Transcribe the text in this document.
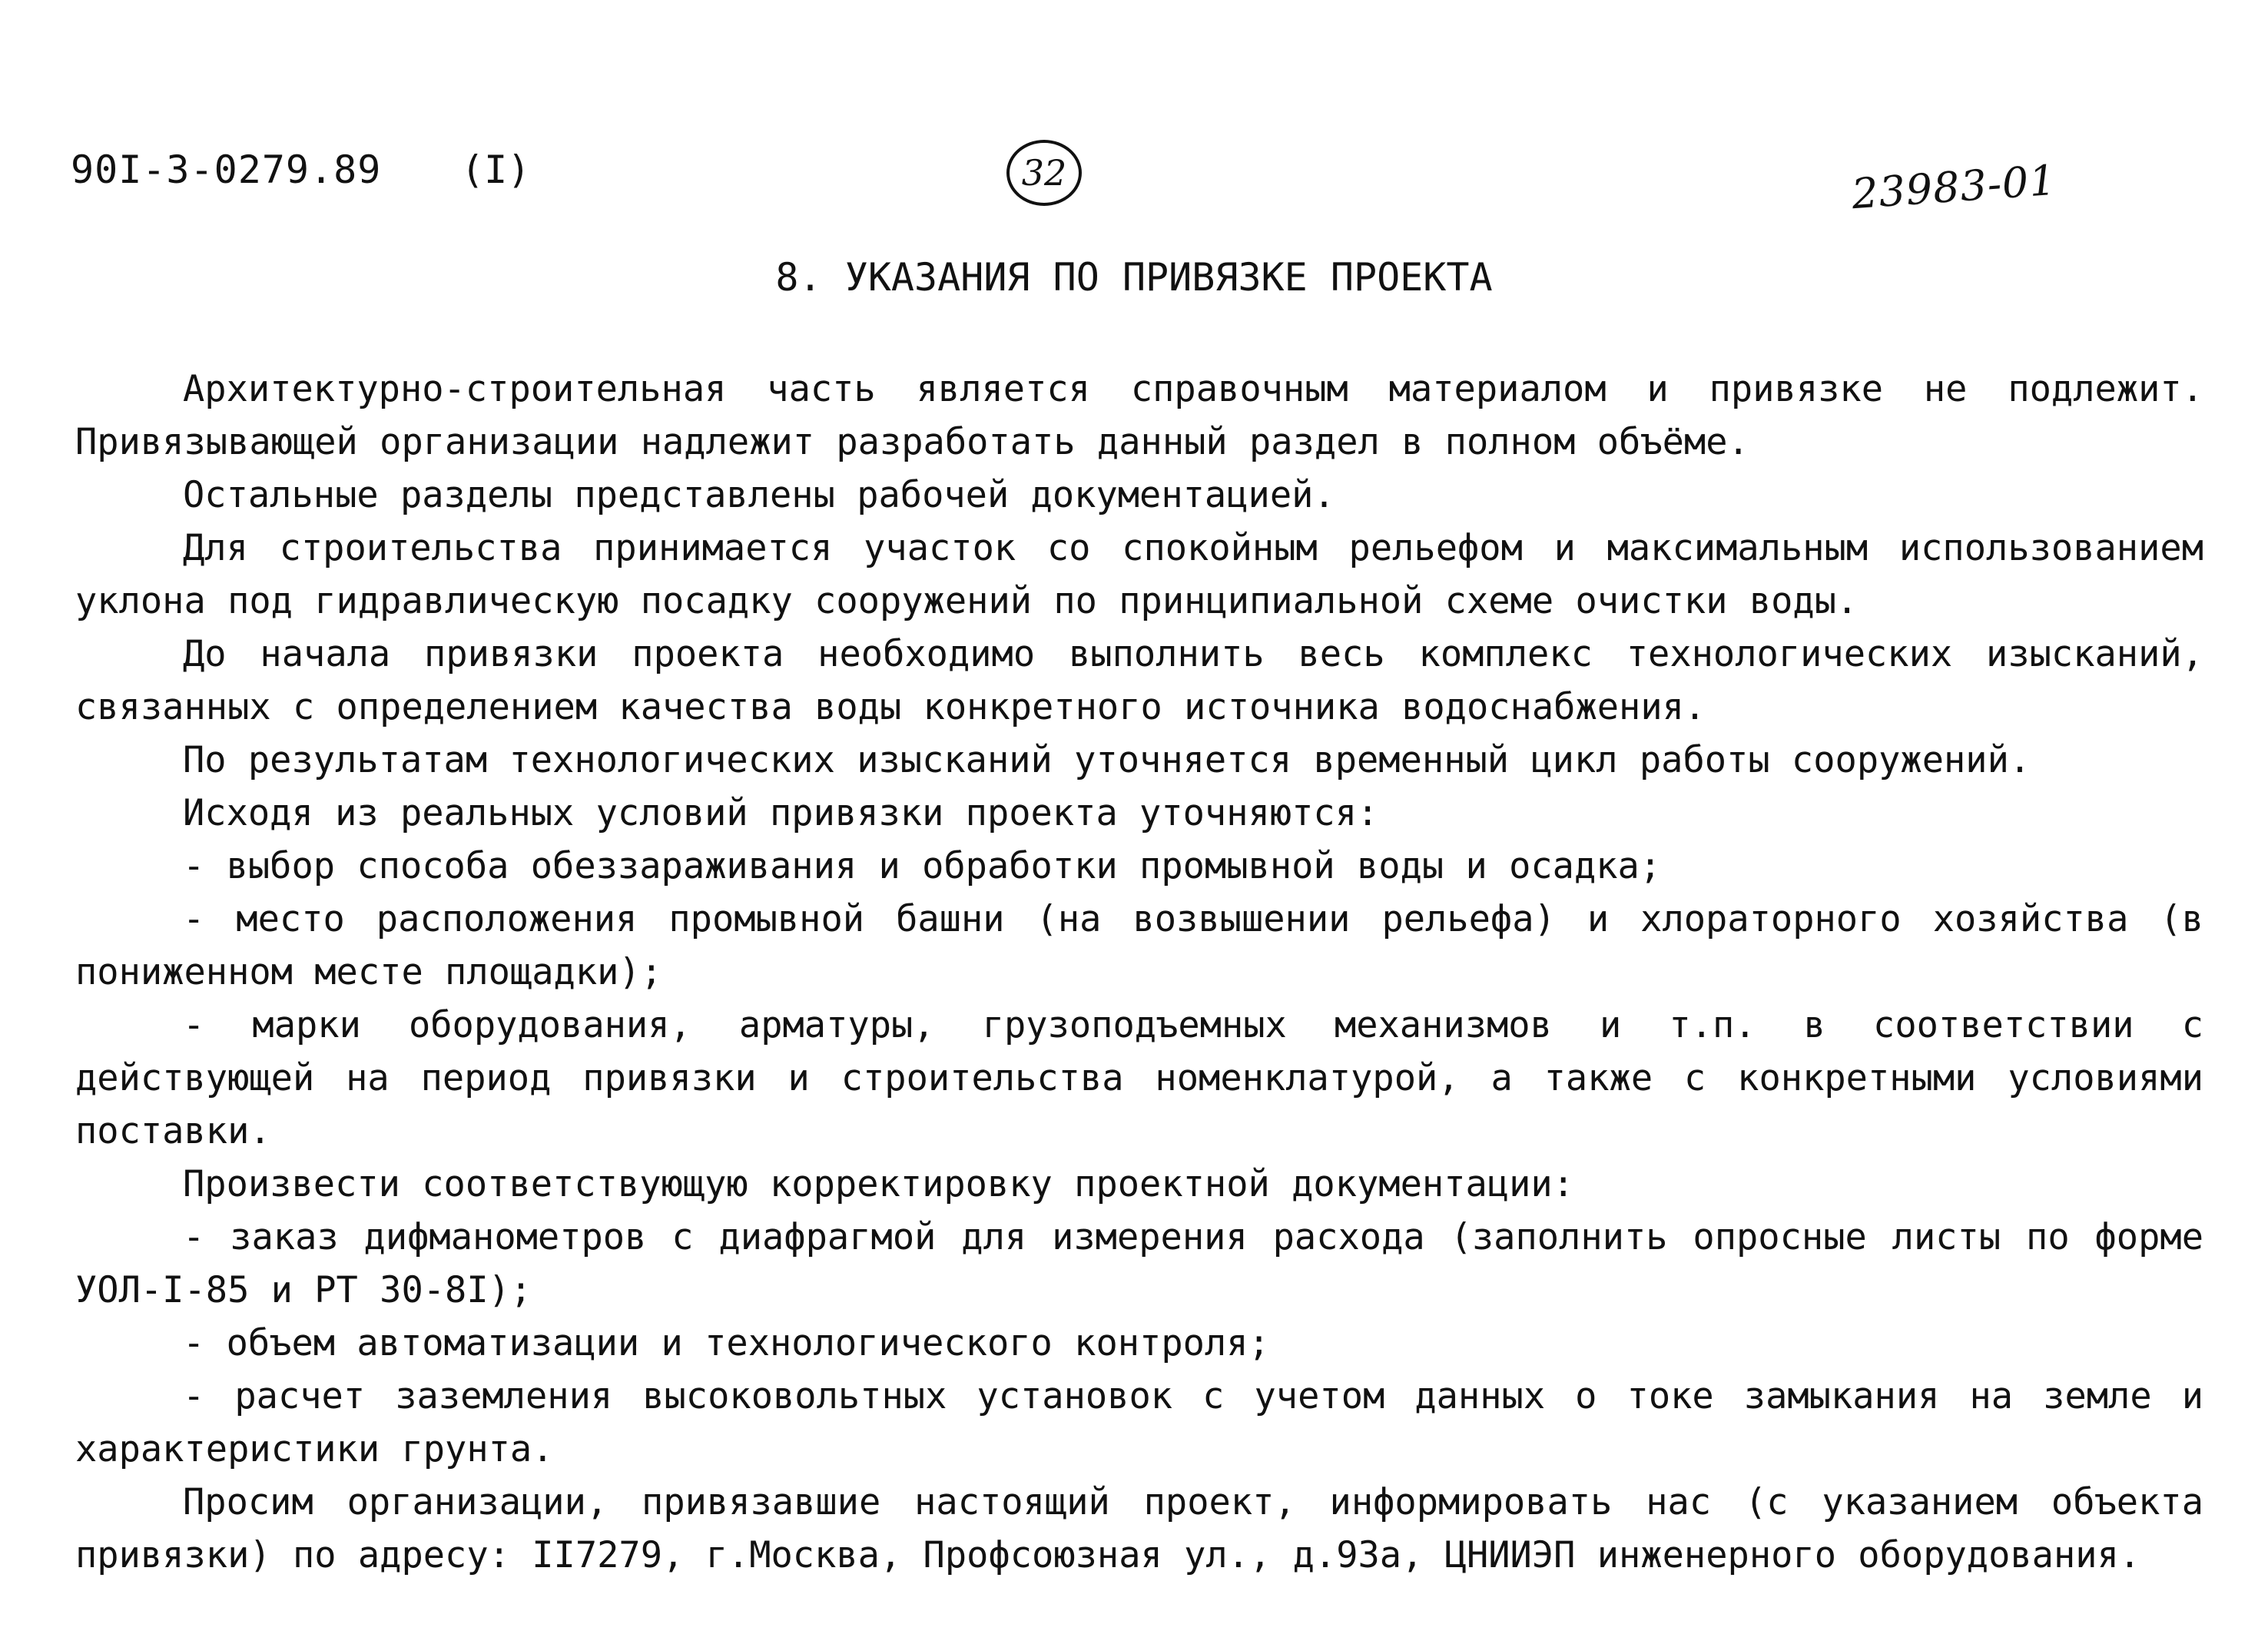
90I-3-0279.89 (I)	32	23983-01
8. УКАЗАНИЯ ПО ПРИВЯЗКЕ ПРОЕКТА

Архитектурно-строительная часть является справочным материалом и привязке не подлежит. Привязывающей организации надлежит разработать данный раздел в полном объёме.

Остальные разделы представлены рабочей документацией.

Для строительства принимается участок со спокойным рельефом и максимальным использованием уклона под гидравлическую посадку сооружений по принципиальной схеме очистки воды.

До начала привязки проекта необходимо выполнить весь комплекс технологических изысканий, связанных с определением качества воды конкретного источника водоснабжения.

По результатам технологических изысканий уточняется временный цикл работы сооружений.

Исходя из реальных условий привязки проекта уточняются:

- выбор способа обеззараживания и обработки промывной воды и осадка;

- место расположения промывной башни (на возвышении рельефа) и хлораторного хозяйства (в пониженном месте площадки);

- марки оборудования, арматуры, грузоподъемных механизмов и т.п. в соответствии с действующей на период привязки и строительства номенклатурой, а также с конкретными условиями поставки.

Произвести соответствующую корректировку проектной документации:

- заказ дифманометров с диафрагмой для измерения расхода (заполнить опросные листы по форме УОЛ-I-85 и РТ 30-8I);

- объем автоматизации и технологического контроля;

- расчет заземления высоковольтных установок с учетом данных о токе замыкания на земле и характеристики грунта.

Просим организации, привязавшие настоящий проект, информировать нас (с указанием объекта привязки) по адресу: II7279, г.Москва, Профсоюзная ул., д.93а, ЦНИИЭП инженерного оборудования.
